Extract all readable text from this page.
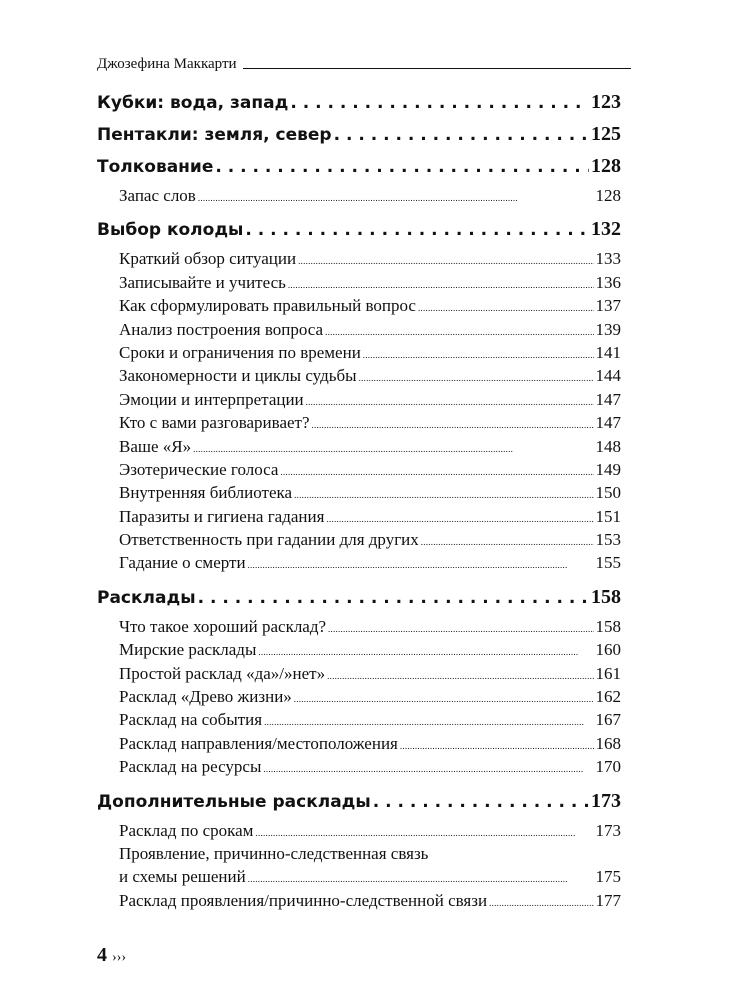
Джозефина Маккарти
Кубки: вода, запад . . .	123
Пентакли: земля, север . . .	125
Толкование . . .	128
Запас слов . . .	128
Выбор колоды . . .	132
Краткий обзор ситуации . . .	133
Записывайте и учитесь . . .	136
Как сформулировать правильный вопрос . . .	137
Анализ построения вопроса . . .	139
Сроки и ограничения по времени . . .	141
Закономерности и циклы судьбы . . .	144
Эмоции и интерпретации . . .	147
Кто с вами разговаривает? . . .	147
Ваше «Я» . . .	148
Эзотерические голоса . . .	149
Внутренняя библиотека . . .	150
Паразиты и гигиена гадания . . .	151
Ответственность при гадании для других . . .	153
Гадание о смерти . . .	155
Расклады . . .	158
Что такое хороший расклад? . . .	158
Мирские расклады . . .	160
Простой расклад «да»/»нет» . . .	161
Расклад «Древо жизни» . . .	162
Расклад на события . . .	167
Расклад направления/местоположения . . .	168
Расклад на ресурсы . . .	170
Дополнительные расклады . . .	173
Расклад по срокам . . .	173
Проявление, причинно-следственная связь
и схемы решений . . .	175
Расклад проявления/причинно-следственной связи . . .	177
4 ›››
